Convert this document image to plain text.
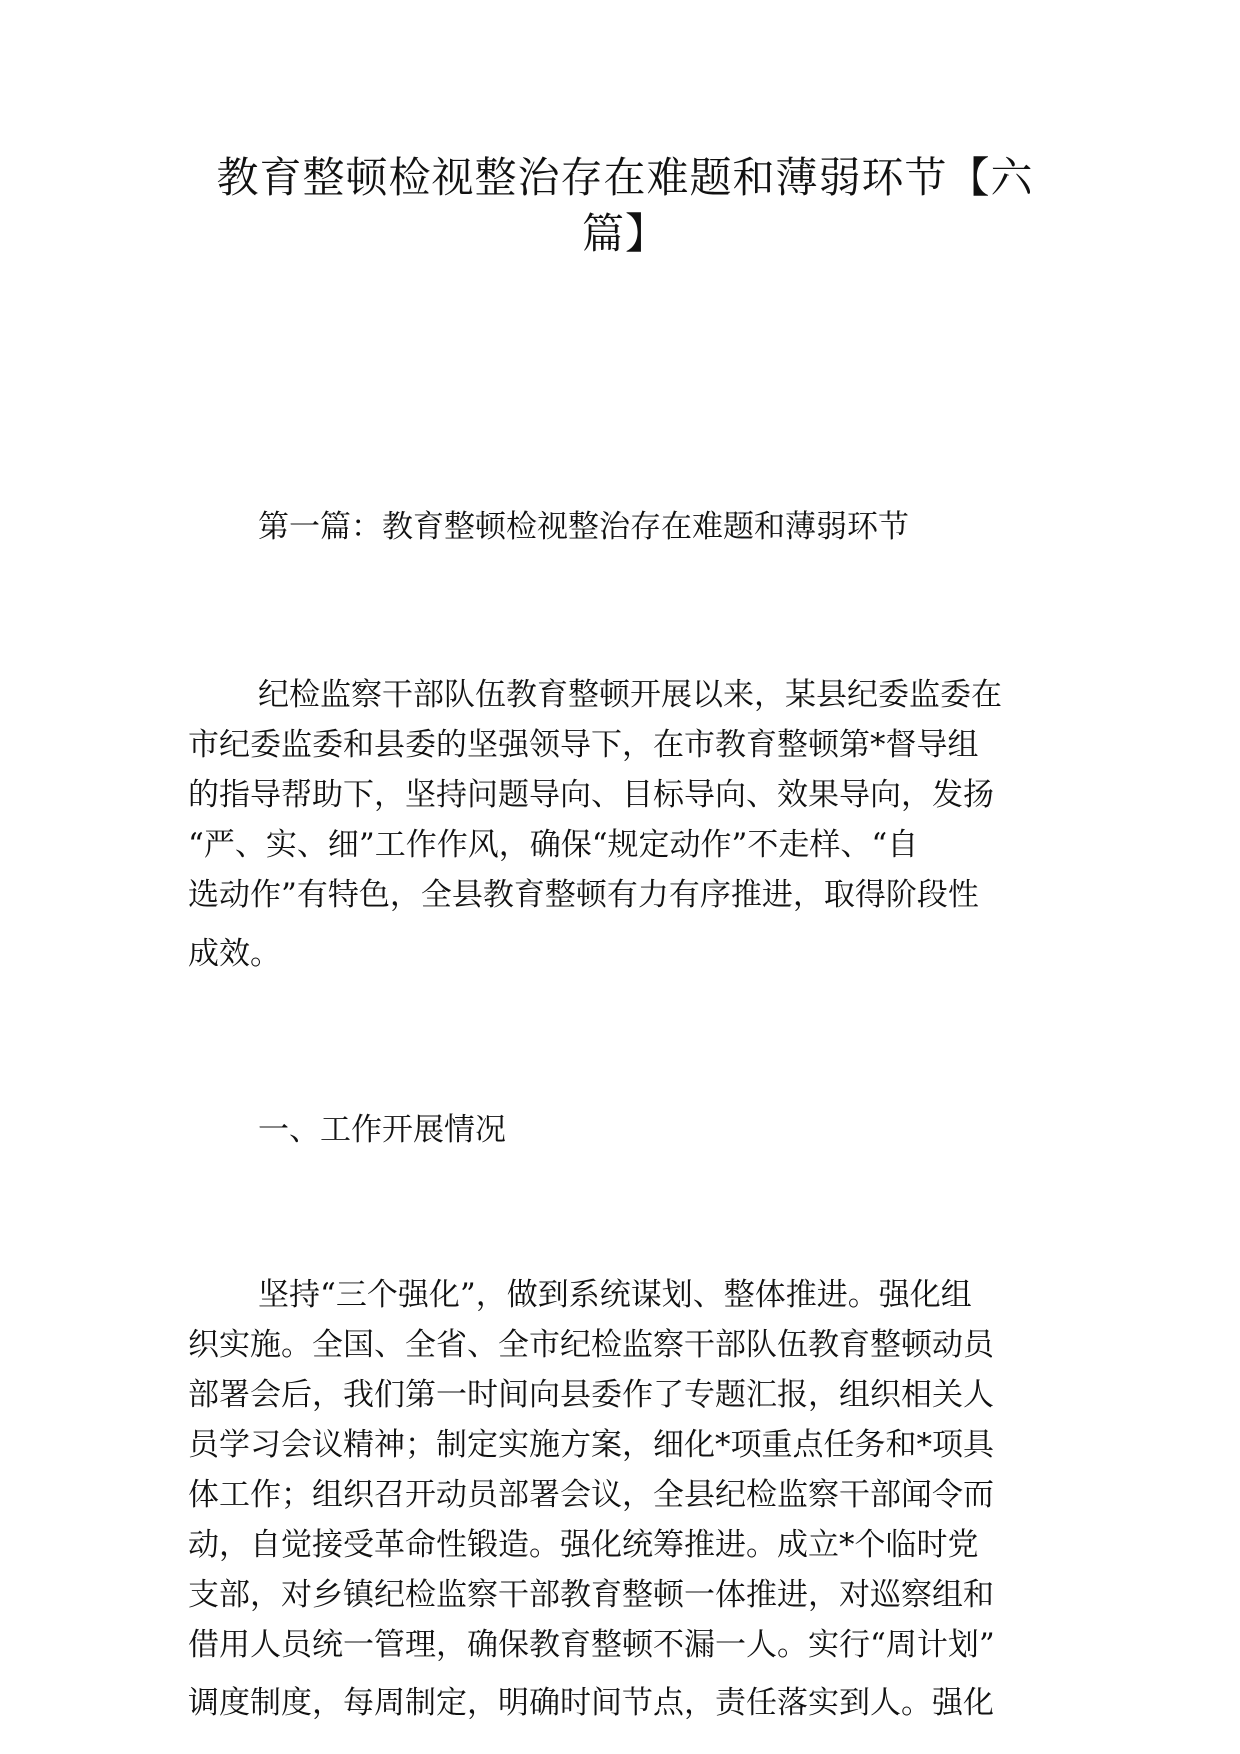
教育整顿检视整治存在难题和薄弱环节【六
篇】
第一篇：教育整顿检视整治存在难题和薄弱环节
纪检监察干部队伍教育整顿开展以来，某县纪委监委在
市纪委监委和县委的坚强领导下，在市教育整顿第*督导组
的指导帮助下，坚持问题导向、目标导向、效果导向，发扬
“严、实、细”工作作风，确保“规定动作”不走样、“自
选动作”有特色，全县教育整顿有力有序推进，取得阶段性
成效。
一、工作开展情况
坚持“三个强化”，做到系统谋划、整体推进。强化组
织实施。全国、全省、全市纪检监察干部队伍教育整顿动员
部署会后，我们第一时间向县委作了专题汇报，组织相关人
员学习会议精神；制定实施方案，细化*项重点任务和*项具
体工作；组织召开动员部署会议，全县纪检监察干部闻令而
动，自觉接受革命性锻造。强化统筹推进。成立*个临时党
支部，对乡镇纪检监察干部教育整顿一体推进，对巡察组和
借用人员统一管理，确保教育整顿不漏一人。实行“周计划”
调度制度，每周制定，明确时间节点，责任落实到人。强化
